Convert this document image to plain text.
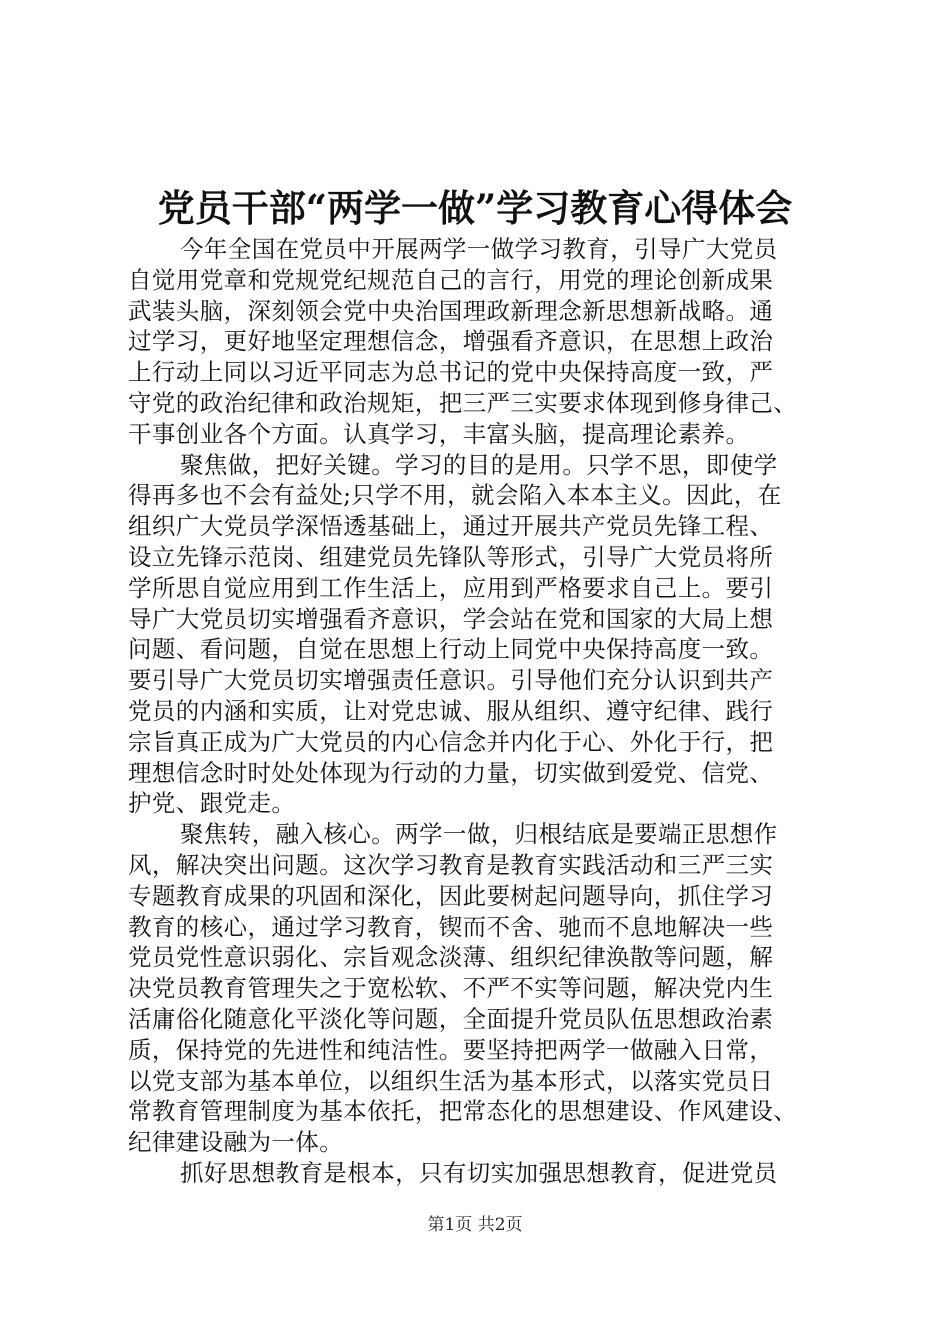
党员干部“两学一做”学习教育心得体会
今年全国在党员中开展两学一做学习教育，引导广大党员
自觉用党章和党规党纪规范自己的言行，用党的理论创新成果
武装头脑，深刻领会党中央治国理政新理念新思想新战略。通
过学习，更好地坚定理想信念，增强看齐意识，在思想上政治
上行动上同以习近平同志为总书记的党中央保持高度一致，严
守党的政治纪律和政治规矩，把三严三实要求体现到修身律己、
干事创业各个方面。认真学习，丰富头脑，提高理论素养。
聚焦做，把好关键。学习的目的是用。只学不思，即使学
得再多也不会有益处;只学不用，就会陷入本本主义。因此，在
组织广大党员学深悟透基础上，通过开展共产党员先锋工程、
设立先锋示范岗、组建党员先锋队等形式，引导广大党员将所
学所思自觉应用到工作生活上，应用到严格要求自己上。要引
导广大党员切实增强看齐意识，学会站在党和国家的大局上想
问题、看问题，自觉在思想上行动上同党中央保持高度一致。
要引导广大党员切实增强责任意识。引导他们充分认识到共产
党员的内涵和实质，让对党忠诚、服从组织、遵守纪律、践行
宗旨真正成为广大党员的内心信念并内化于心、外化于行，把
理想信念时时处处体现为行动的力量，切实做到爱党、信党、
护党、跟党走。
聚焦转，融入核心。两学一做，归根结底是要端正思想作
风，解决突出问题。这次学习教育是教育实践活动和三严三实
专题教育成果的巩固和深化，因此要树起问题导向，抓住学习
教育的核心，通过学习教育，锲而不舍、驰而不息地解决一些
党员党性意识弱化、宗旨观念淡薄、组织纪律涣散等问题，解
决党员教育管理失之于宽松软、不严不实等问题，解决党内生
活庸俗化随意化平淡化等问题，全面提升党员队伍思想政治素
质，保持党的先进性和纯洁性。要坚持把两学一做融入日常，
以党支部为基本单位，以组织生活为基本形式，以落实党员日
常教育管理制度为基本依托，把常态化的思想建设、作风建设、
纪律建设融为一体。
抓好思想教育是根本，只有切实加强思想教育，促进党员
第1页 共2页
